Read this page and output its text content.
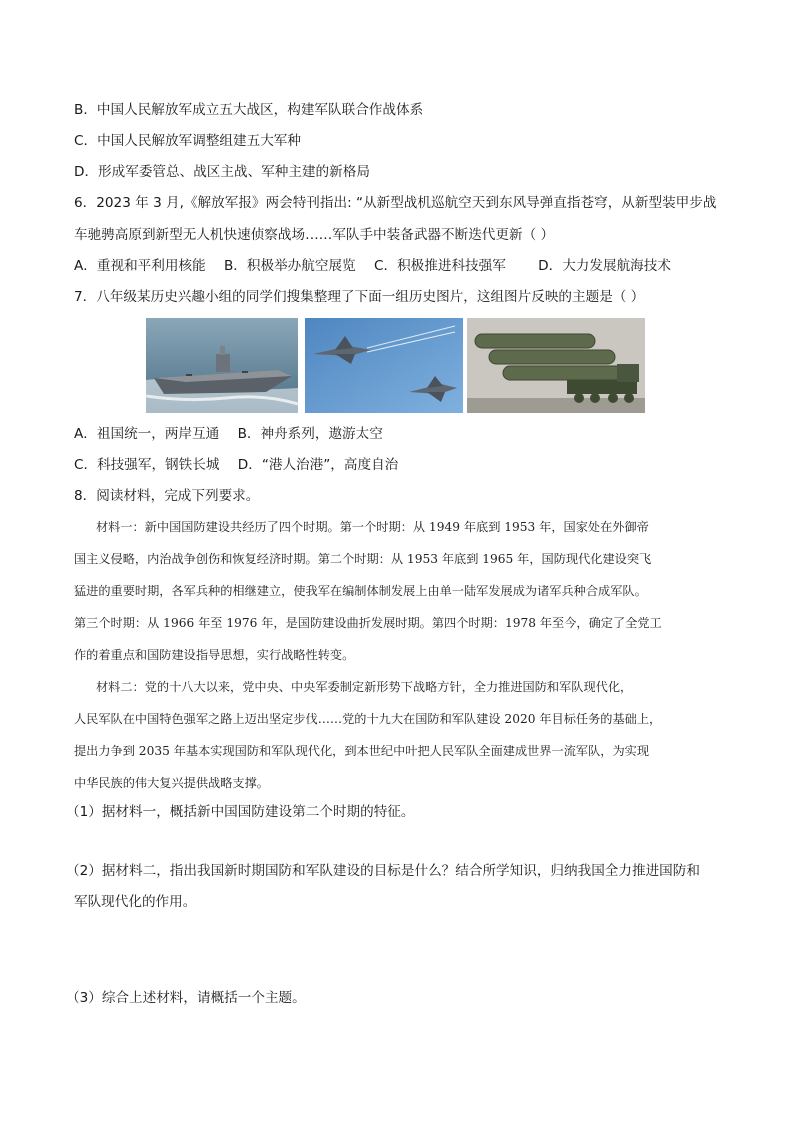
B．中国人民解放军成立五大战区，构建军队联合作战体系
C．中国人民解放军调整组建五大军种
D．形成军委管总、战区主战、军种主建的新格局
6．2023 年 3 月,《解放军报》两会特刊指出: “从新型战机巡航空天到东风导弹直指苍穹，从新型装甲步战
车驰骋高原到新型无人机快速侦察战场……军队手中装备武器不断迭代更新（ ）
A．重视和平利用核能 B．积极举办航空展览 C．积极推进科技强军 D．大力发展航海技术
7．八年级某历史兴趣小组的同学们搜集整理了下面一组历史图片，这组图片反映的主题是（ ）
A．祖国统一，两岸互通 B．神舟系列，遨游太空
C．科技强军，钢铁长城 D．“港人治港”，高度自治
8．阅读材料，完成下列要求。
材料一：新中国国防建设共经历了四个时期。第一个时期：从 1949 年底到 1953 年，国家处在外御帝
国主义侵略，内治战争创伤和恢复经济时期。第二个时期：从 1953 年底到 1965 年，国防现代化建设突飞
猛进的重要时期，各军兵种的相继建立，使我军在编制体制发展上由单一陆军发展成为诸军兵种合成军队。
第三个时期：从 1966 年至 1976 年，是国防建设曲折发展时期。第四个时期：1978 年至今，确定了全党工
作的着重点和国防建设指导思想，实行战略性转变。
材料二：党的十八大以来，党中央、中央军委制定新形势下战略方针，全力推进国防和军队现代化，
人民军队在中国特色强军之路上迈出坚定步伐……党的十九大在国防和军队建设 2020 年目标任务的基础上，
提出力争到 2035 年基本实现国防和军队现代化，到本世纪中叶把人民军队全面建成世界一流军队，为实现
中华民族的伟大复兴提供战略支撑。
（1）据材料一，概括新中国国防建设第二个时期的特征。
（2）据材料二，指出我国新时期国防和军队建设的目标是什么？结合所学知识，归纳我国全力推进国防和
军队现代化的作用。
（3）综合上述材料，请概括一个主题。
